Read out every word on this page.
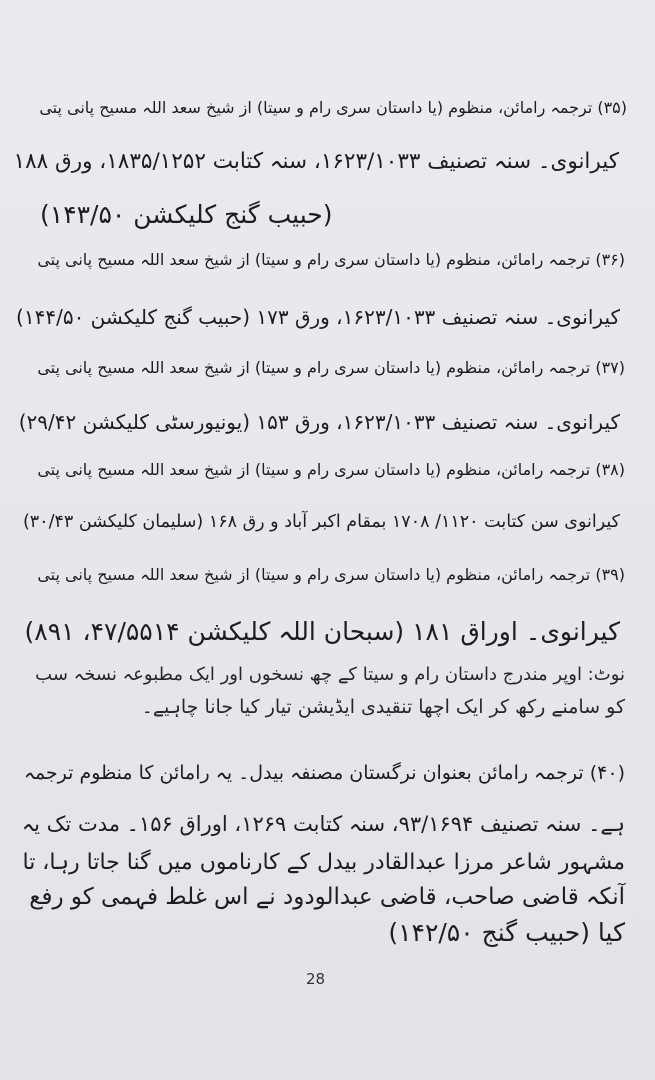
(۳۵) ترجمہ رامائن، منظوم (یا داستان سری رام و سیتا) از شیخ سعد اللہ مسیح پانی پتی
کیرانوی۔ سنہ تصنیف ۱۶۲۳/۱۰۳۳، سنہ کتابت ۱۸۳۵/۱۲۵۲، ورق ۱۸۸
(حبیب گنج کلیکشن ۱۴۳/۵۰)
(۳۶) ترجمہ رامائن، منظوم (یا داستان سری رام و سیتا) از شیخ سعد اللہ مسیح پانی پتی
کیرانوی۔ سنہ تصنیف ۱۶۲۳/۱۰۳۳، ورق ۱۷۳ (حبیب گنج کلیکشن ۱۴۴/۵۰)
(۳۷) ترجمہ رامائن، منظوم (یا داستان سری رام و سیتا) از شیخ سعد اللہ مسیح پانی پتی
کیرانوی۔ سنہ تصنیف ۱۶۲۳/۱۰۳۳، ورق ۱۵۳ (یونیورسٹی کلیکشن ۲۹/۴۲)
(۳۸) ترجمہ رامائن، منظوم (یا داستان سری رام و سیتا) از شیخ سعد اللہ مسیح پانی پتی
کیرانوی سن کتابت ۱۱۲۰/ ۱۷۰۸ بمقام اکبر آباد و رق ۱۶۸ (سلیمان کلیکشن ۳۰/۴۳)
(۳۹) ترجمہ رامائن، منظوم (یا داستان سری رام و سیتا) از شیخ سعد اللہ مسیح پانی پتی
کیرانوی۔ اوراق ۱۸۱ (سبحان اللہ کلیکشن ۴۷/۵۵۱۴، ۸۹۱)
نوٹ: اوپر مندرج داستان رام و سیتا کے چھ نسخوں اور ایک مطبوعہ نسخہ سب
کو سامنے رکھ کر ایک اچھا تنقیدی ایڈیشن تیار کیا جانا چاہیے۔
(۴۰) ترجمہ رامائن بعنوان نرگستان مصنفہ بیدل۔ یہ رامائن کا منظوم ترجمہ
ہے۔ سنہ تصنیف ۹۳/۱۶۹۴، سنہ کتابت ۱۲۶۹، اوراق ۱۵۶۔ مدت تک یہ
مشہور شاعر مرزا عبدالقادر بیدل کے کارناموں میں گنا جاتا رہا، تا
آنکہ قاضی صاحب، قاضی عبدالودود نے اس غلط فہمی کو رفع
کیا (حبیب گنج ۱۴۲/۵۰)
28
